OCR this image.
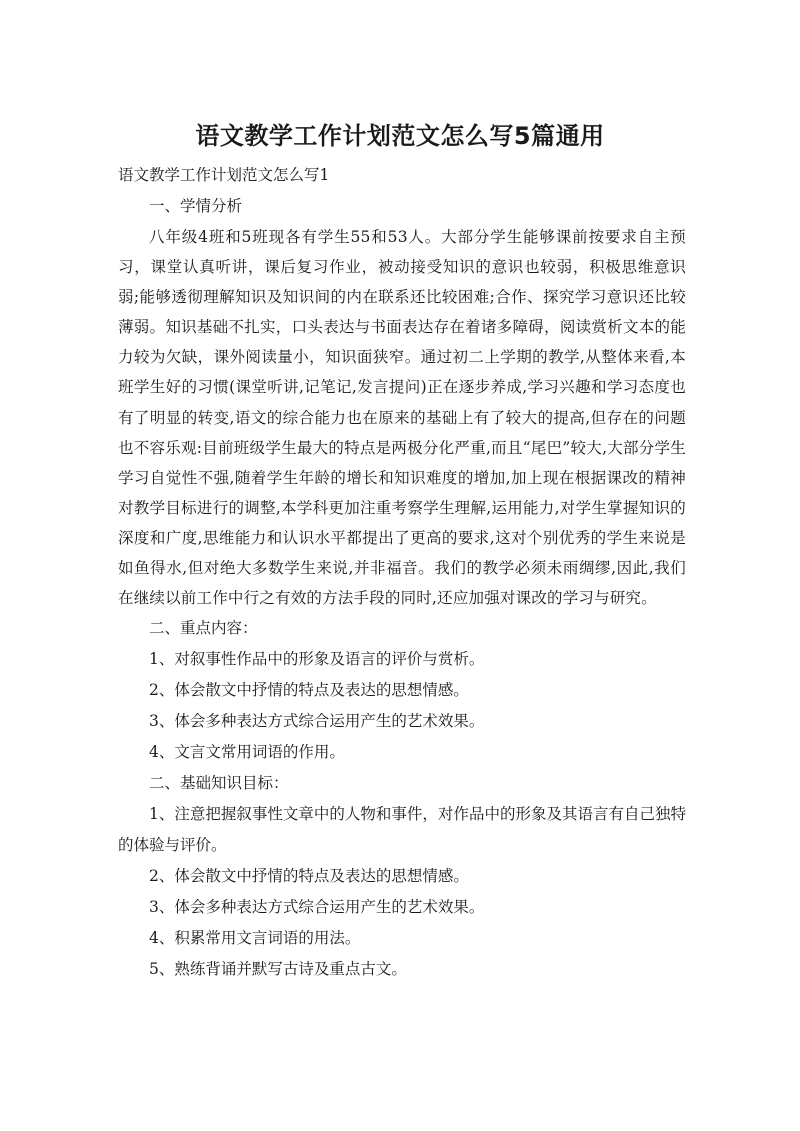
语文教学工作计划范文怎么写5篇通用

语文教学工作计划范文怎么写1

一、学情分析

八年级4班和5班现各有学生55和53人。大部分学生能够课前按要求自主预习，课堂认真听讲，课后复习作业，被动接受知识的意识也较弱，积极思维意识弱;能够透彻理解知识及知识间的内在联系还比较困难;合作、探究学习意识还比较薄弱。知识基础不扎实，口头表达与书面表达存在着诸多障碍，阅读赏析文本的能力较为欠缺，课外阅读量小，知识面狭窄。通过初二上学期的教学,从整体来看,本班学生好的习惯(课堂听讲,记笔记,发言提问)正在逐步养成,学习兴趣和学习态度也有了明显的转变,语文的综合能力也在原来的基础上有了较大的提高,但存在的问题也不容乐观:目前班级学生最大的特点是两极分化严重,而且“尾巴”较大,大部分学生学习自觉性不强,随着学生年龄的增长和知识难度的增加,加上现在根据课改的精神对教学目标进行的调整,本学科更加注重考察学生理解,运用能力,对学生掌握知识的深度和广度,思维能力和认识水平都提出了更高的要求,这对个别优秀的学生来说是如鱼得水,但对绝大多数学生来说,并非福音。我们的教学必须未雨绸缪,因此,我们在继续以前工作中行之有效的方法手段的同时,还应加强对课改的学习与研究。

二、重点内容：

1、对叙事性作品中的形象及语言的评价与赏析。

2、体会散文中抒情的特点及表达的思想情感。

3、体会多种表达方式综合运用产生的艺术效果。

4、文言文常用词语的作用。

二、基础知识目标：

1、注意把握叙事性文章中的人物和事件，对作品中的形象及其语言有自己独特的体验与评价。

2、体会散文中抒情的特点及表达的思想情感。

3、体会多种表达方式综合运用产生的艺术效果。

4、积累常用文言词语的用法。

5、熟练背诵并默写古诗及重点古文。
